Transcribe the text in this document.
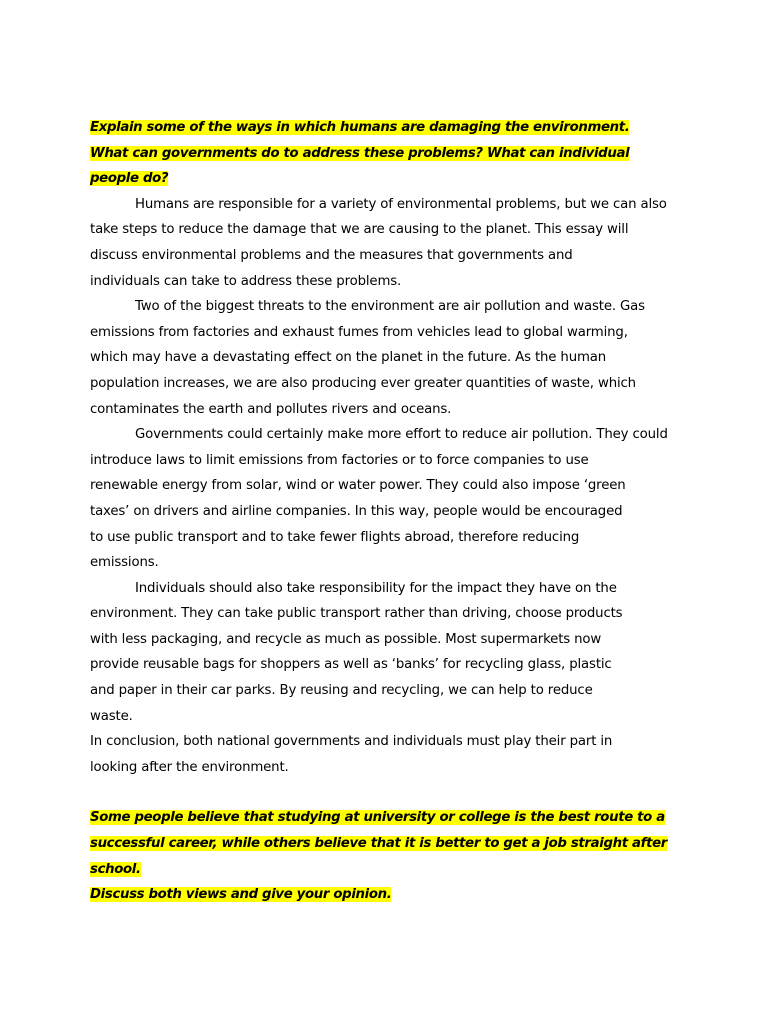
Explain some of the ways in which humans are damaging the environment.
What can governments do to address these problems? What can individual
people do?
Humans are responsible for a variety of environmental problems, but we can also
take steps to reduce the damage that we are causing to the planet. This essay will
discuss environmental problems and the measures that governments and
individuals can take to address these problems.
Two of the biggest threats to the environment are air pollution and waste. Gas
emissions from factories and exhaust fumes from vehicles lead to global warming,
which may have a devastating effect on the planet in the future. As the human
population increases, we are also producing ever greater quantities of waste, which
contaminates the earth and pollutes rivers and oceans.
Governments could certainly make more effort to reduce air pollution. They could
introduce laws to limit emissions from factories or to force companies to use
renewable energy from solar, wind or water power. They could also impose ‘green
taxes’ on drivers and airline companies. In this way, people would be encouraged
to use public transport and to take fewer flights abroad, therefore reducing
emissions.
Individuals should also take responsibility for the impact they have on the
environment. They can take public transport rather than driving, choose products
with less packaging, and recycle as much as possible. Most supermarkets now
provide reusable bags for shoppers as well as ‘banks’ for recycling glass, plastic
and paper in their car parks. By reusing and recycling, we can help to reduce
waste.
In conclusion, both national governments and individuals must play their part in
looking after the environment.
Some people believe that studying at university or college is the best route to a
successful career, while others believe that it is better to get a job straight after
school.
Discuss both views and give your opinion.
